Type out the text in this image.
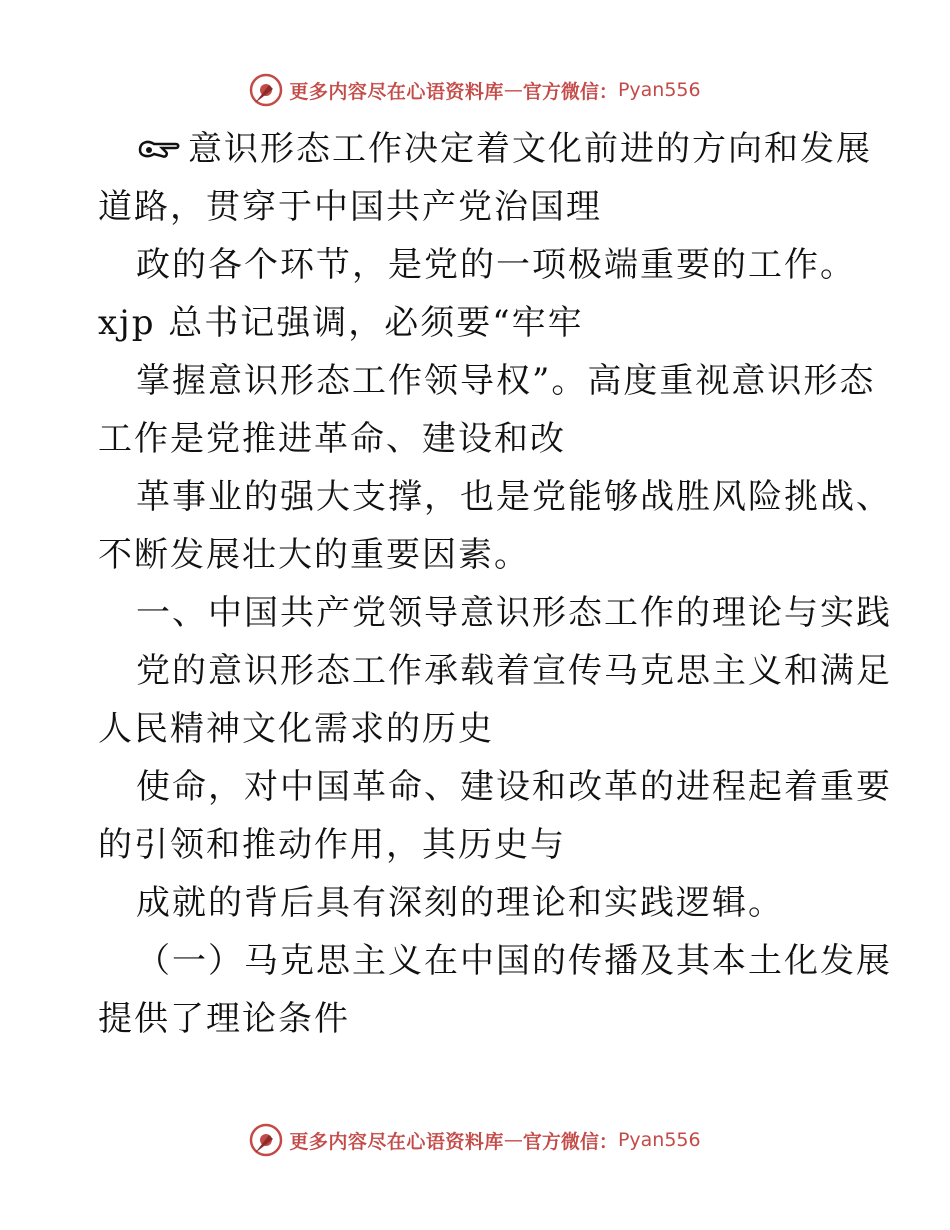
更多内容尽在心语资料库 — 官方微信： Pyan556
意识形态工作决定着文化前进的方向和发展
道路，贯穿于中国共产党治国理
政的各个环节，是党的一项极端重要的工作。
xjp 总书记强调，必须要“牢牢
掌握意识形态工作领导权”。高度重视意识形态
工作是党推进革命、建设和改
革事业的强大支撑，也是党能够战胜风险挑战、
不断发展壮大的重要因素。
一、中国共产党领导意识形态工作的理论与实践
党的意识形态工作承载着宣传马克思主义和满足
人民精神文化需求的历史
使命，对中国革命、建设和改革的进程起着重要
的引领和推动作用，其历史与
成就的背后具有深刻的理论和实践逻辑。
（一）马克思主义在中国的传播及其本土化发展
提供了理论条件
更多内容尽在心语资料库 — 官方微信： Pyan556
